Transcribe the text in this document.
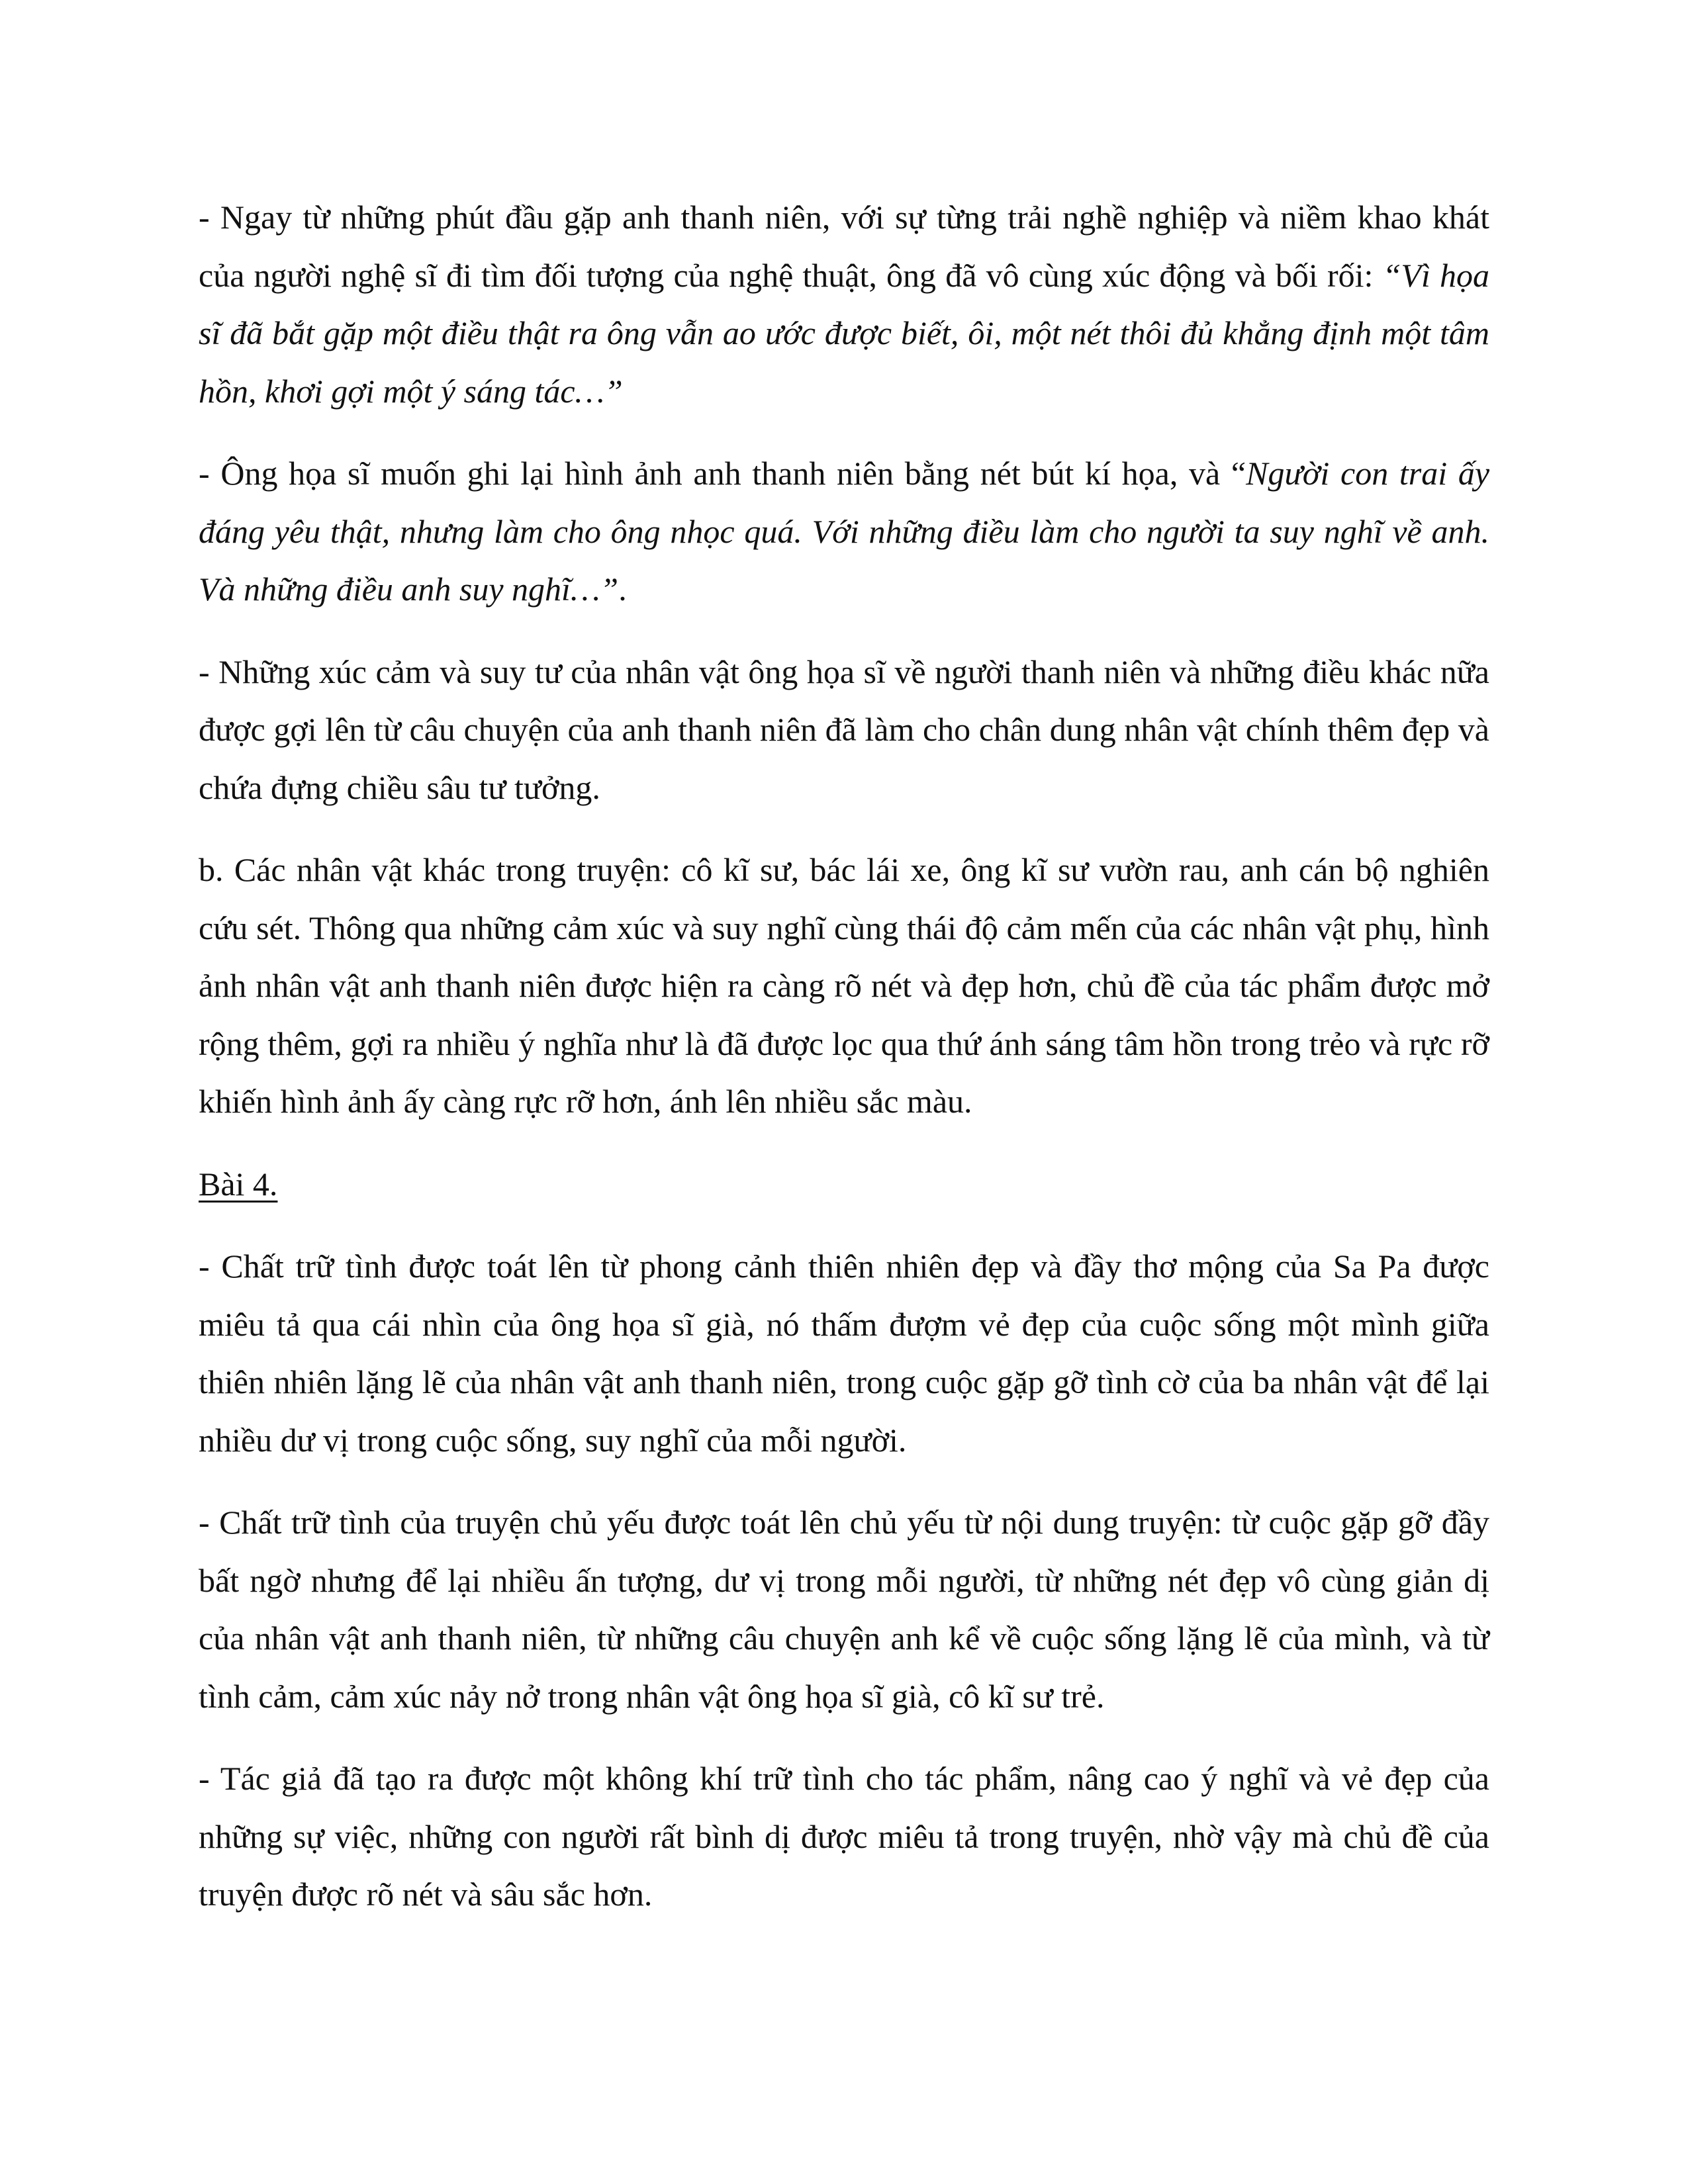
- Ngay từ những phút đầu gặp anh thanh niên, với sự từng trải nghề nghiệp và niềm khao khát của người nghệ sĩ đi tìm đối tượng của nghệ thuật, ông đã vô cùng xúc động và bối rối: “Vì họa sĩ đã bắt gặp một điều thật ra ông vẫn ao ước được biết, ôi, một nét thôi đủ khẳng định một tâm hồn, khơi gợi một ý sáng tác…”

- Ông họa sĩ muốn ghi lại hình ảnh anh thanh niên bằng nét bút kí họa, và “Người con trai ấy đáng yêu thật, nhưng làm cho ông nhọc quá. Với những điều làm cho người ta suy nghĩ về anh. Và những điều anh suy nghĩ…”.

- Những xúc cảm và suy tư của nhân vật ông họa sĩ về người thanh niên và những điều khác nữa được gợi lên từ câu chuyện của anh thanh niên đã làm cho chân dung nhân vật chính thêm đẹp và chứa đựng chiều sâu tư tưởng.

b. Các nhân vật khác trong truyện: cô kĩ sư, bác lái xe, ông kĩ sư vườn rau, anh cán bộ nghiên cứu sét. Thông qua những cảm xúc và suy nghĩ cùng thái độ cảm mến của các nhân vật phụ, hình ảnh nhân vật anh thanh niên được hiện ra càng rõ nét và đẹp hơn, chủ đề của tác phẩm được mở rộng thêm, gợi ra nhiều ý nghĩa như là đã được lọc qua thứ ánh sáng tâm hồn trong trẻo và rực rỡ khiến hình ảnh ấy càng rực rỡ hơn, ánh lên nhiều sắc màu.

Bài 4.

- Chất trữ tình được toát lên từ phong cảnh thiên nhiên đẹp và đầy thơ mộng của Sa Pa được miêu tả qua cái nhìn của ông họa sĩ già, nó thấm đượm vẻ đẹp của cuộc sống một mình giữa thiên nhiên lặng lẽ của nhân vật anh thanh niên, trong cuộc gặp gỡ tình cờ của ba nhân vật để lại nhiều dư vị trong cuộc sống, suy nghĩ của mỗi người.

- Chất trữ tình của truyện chủ yếu được toát lên chủ yếu từ nội dung truyện: từ cuộc gặp gỡ đầy bất ngờ nhưng để lại nhiều ấn tượng, dư vị trong mỗi người, từ những nét đẹp vô cùng giản dị của nhân vật anh thanh niên, từ những câu chuyện anh kể về cuộc sống lặng lẽ của mình, và từ tình cảm, cảm xúc nảy nở trong nhân vật ông họa sĩ già, cô kĩ sư trẻ.

- Tác giả đã tạo ra được một không khí trữ tình cho tác phẩm, nâng cao ý nghĩ và vẻ đẹp của những sự việc, những con người rất bình dị được miêu tả trong truyện, nhờ vậy mà chủ đề của truyện được rõ nét và sâu sắc hơn.
